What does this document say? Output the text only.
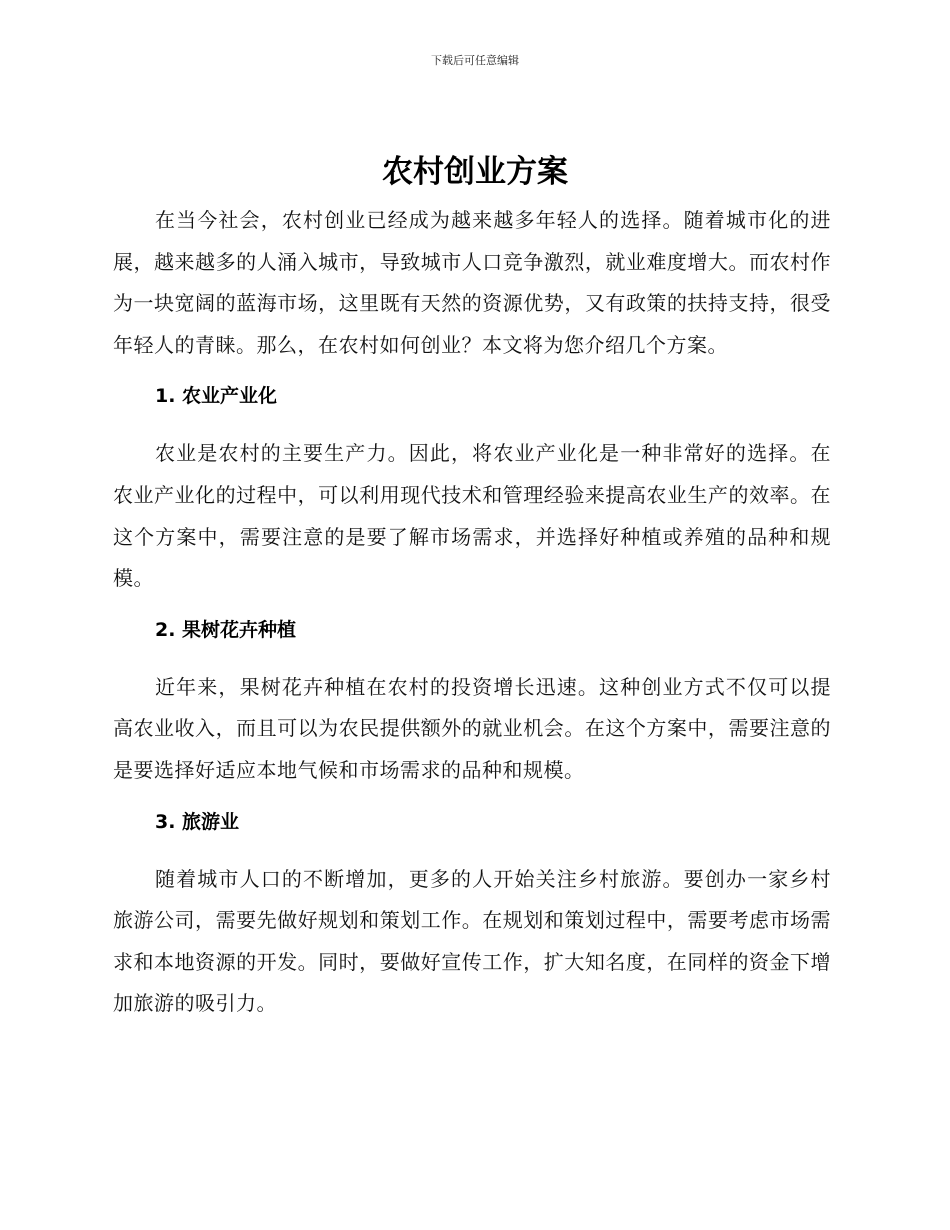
下载后可任意编辑
农村创业方案

在当今社会，农村创业已经成为越来越多年轻人的选择。随着城市化的进展，越来越多的人涌入城市，导致城市人口竞争激烈，就业难度增大。而农村作为一块宽阔的蓝海市场，这里既有天然的资源优势，又有政策的扶持支持，很受年轻人的青睐。那么，在农村如何创业？本文将为您介绍几个方案。

1. 农业产业化

农业是农村的主要生产力。因此，将农业产业化是一种非常好的选择。在农业产业化的过程中，可以利用现代技术和管理经验来提高农业生产的效率。在这个方案中，需要注意的是要了解市场需求，并选择好种植或养殖的品种和规模。

2. 果树花卉种植

近年来，果树花卉种植在农村的投资增长迅速。这种创业方式不仅可以提高农业收入，而且可以为农民提供额外的就业机会。在这个方案中，需要注意的是要选择好适应本地气候和市场需求的品种和规模。

3. 旅游业

随着城市人口的不断增加，更多的人开始关注乡村旅游。要创办一家乡村旅游公司，需要先做好规划和策划工作。在规划和策划过程中，需要考虑市场需求和本地资源的开发。同时，要做好宣传工作，扩大知名度，在同样的资金下增加旅游的吸引力。
